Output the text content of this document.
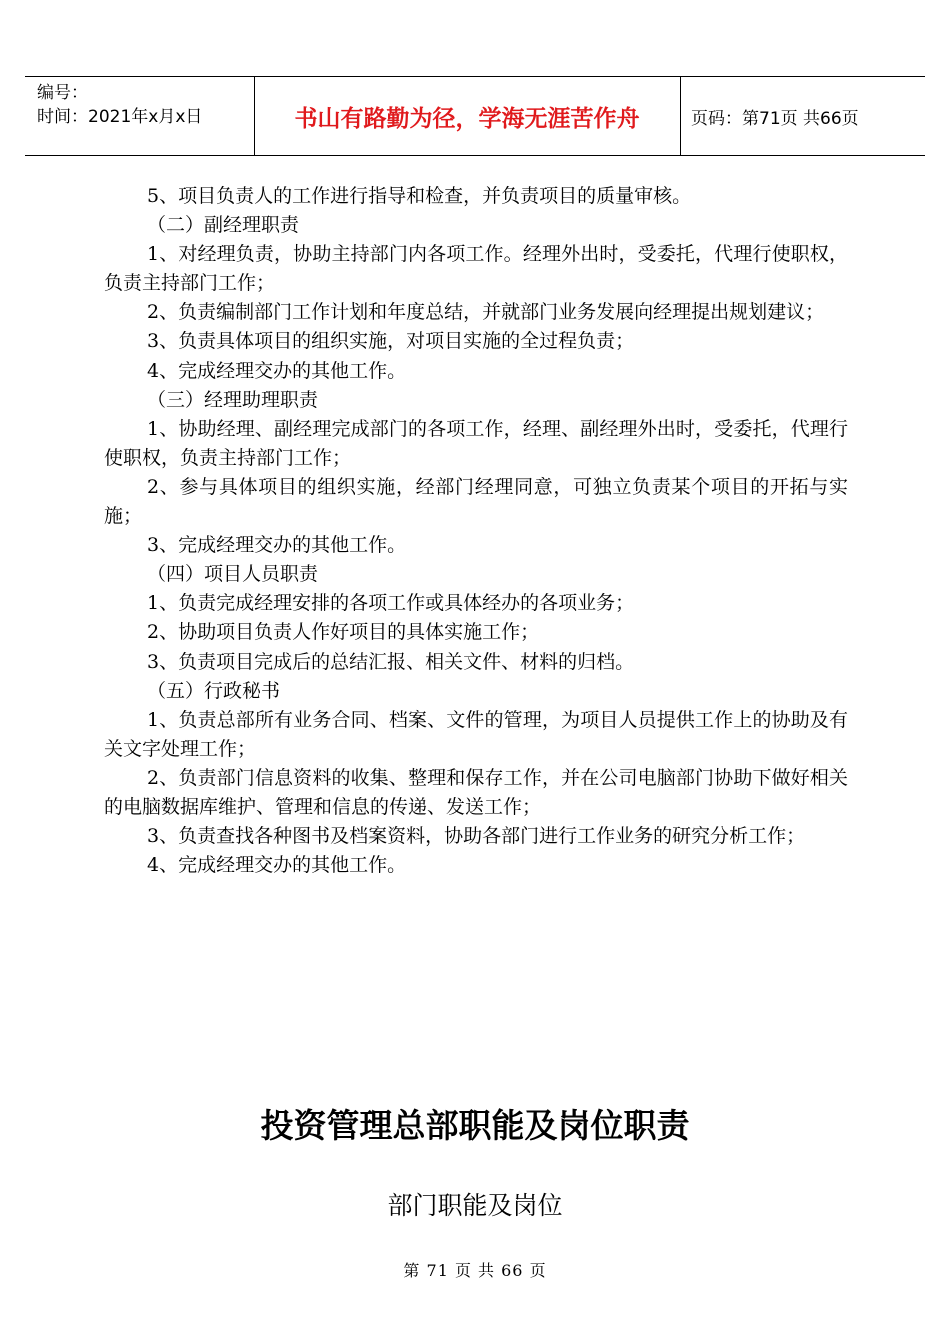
编号：
时间：2021年x月x日	书山有路勤为径，学海无涯苦作舟	页码：第71页 共66页
5、项目负责人的工作进行指导和检查，并负责项目的质量审核。
（二）副经理职责
1、对经理负责，协助主持部门内各项工作。经理外出时，受委托，代理行使职权，负责主持部门工作；
2、负责编制部门工作计划和年度总结，并就部门业务发展向经理提出规划建议；
3、负责具体项目的组织实施，对项目实施的全过程负责；
4、完成经理交办的其他工作。
（三）经理助理职责
1、协助经理、副经理完成部门的各项工作，经理、副经理外出时，受委托，代理行使职权，负责主持部门工作；
2、参与具体项目的组织实施，经部门经理同意，可独立负责某个项目的开拓与实施；
3、完成经理交办的其他工作。
（四）项目人员职责
1、负责完成经理安排的各项工作或具体经办的各项业务；
2、协助项目负责人作好项目的具体实施工作；
3、负责项目完成后的总结汇报、相关文件、材料的归档。
（五）行政秘书
1、负责总部所有业务合同、档案、文件的管理，为项目人员提供工作上的协助及有关文字处理工作；
2、负责部门信息资料的收集、整理和保存工作，并在公司电脑部门协助下做好相关的电脑数据库维护、管理和信息的传递、发送工作；
3、负责查找各种图书及档案资料，协助各部门进行工作业务的研究分析工作；
4、完成经理交办的其他工作。
投资管理总部职能及岗位职责
部门职能及岗位
第 71 页 共 66 页
